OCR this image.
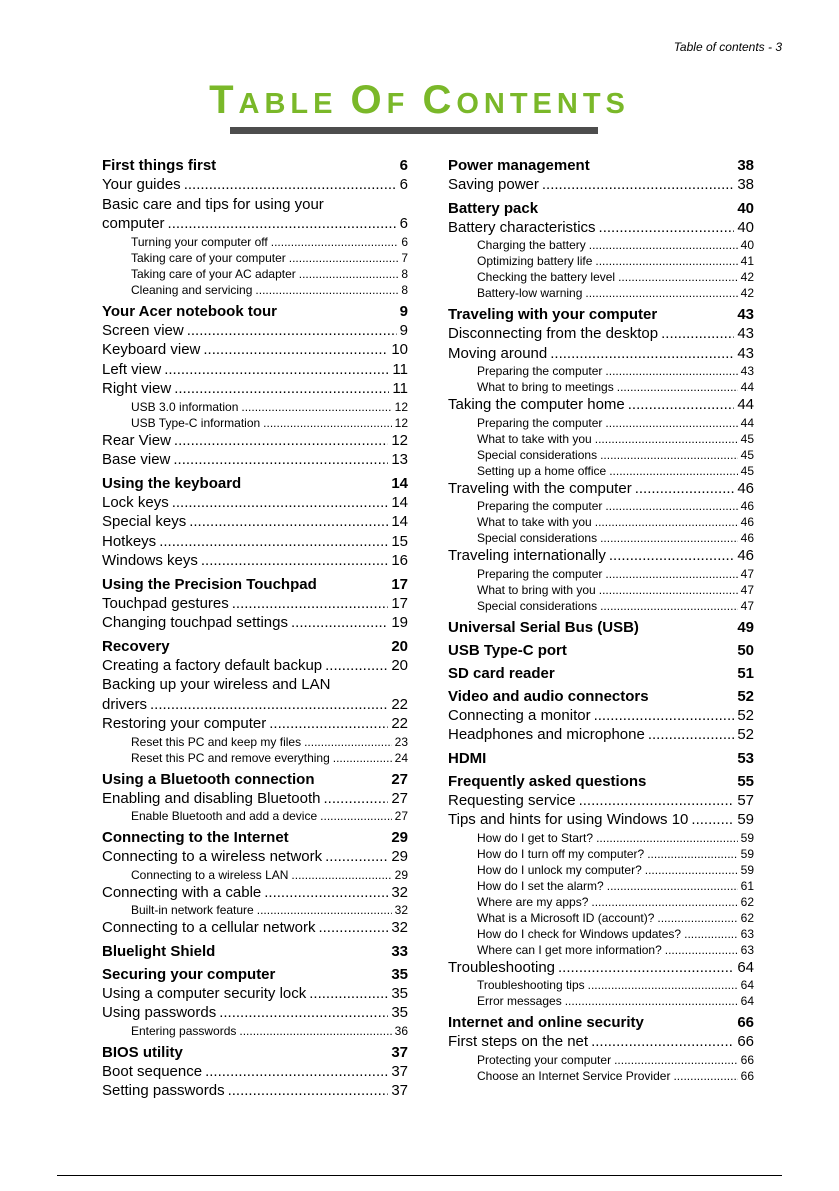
Table of contents - 3
TABLE OF CONTENTS
First things first	6
Your guides .....	6
Basic care and tips for using your
computer .....	6
Turning your computer off .....	6
Taking care of your computer .....	7
Taking care of your AC adapter .....	8
Cleaning and servicing .....	8
Your Acer notebook tour	9
Screen view .....	9
Keyboard view .....	10
Left view .....	11
Right view .....	11
USB 3.0 information .....	12
USB Type-C information .....	12
Rear View .....	12
Base view .....	13
Using the keyboard	14
Lock keys .....	14
Special keys .....	14
Hotkeys .....	15
Windows keys .....	16
Using the Precision Touchpad	17
Touchpad gestures .....	17
Changing touchpad settings .....	19
Recovery	20
Creating a factory default backup .....	20
Backing up your wireless and LAN
drivers .....	22
Restoring your computer .....	22
Reset this PC and keep my files .....	23
Reset this PC and remove everything .....	24
Using a Bluetooth connection	27
Enabling and disabling Bluetooth .....	27
Enable Bluetooth and add a device .....	27
Connecting to the Internet	29
Connecting to a wireless network .....	29
Connecting to a wireless LAN .....	29
Connecting with a cable .....	32
Built-in network feature .....	32
Connecting to a cellular network .....	32
Bluelight Shield	33
Securing your computer	35
Using a computer security lock .....	35
Using passwords .....	35
Entering passwords .....	36
BIOS utility	37
Boot sequence .....	37
Setting passwords .....	37
Power management	38
Saving power .....	38
Battery pack	40
Battery characteristics .....	40
Charging the battery .....	40
Optimizing battery life .....	41
Checking the battery level .....	42
Battery-low warning .....	42
Traveling with your computer	43
Disconnecting from the desktop .....	43
Moving around .....	43
Preparing the computer .....	43
What to bring to meetings .....	44
Taking the computer home .....	44
Preparing the computer .....	44
What to take with you .....	45
Special considerations .....	45
Setting up a home office .....	45
Traveling with the computer .....	46
Preparing the computer .....	46
What to take with you .....	46
Special considerations .....	46
Traveling internationally .....	46
Preparing the computer .....	47
What to bring with you .....	47
Special considerations .....	47
Universal Serial Bus (USB)	49
USB Type-C port	50
SD card reader	51
Video and audio connectors	52
Connecting a monitor .....	52
Headphones and microphone .....	52
HDMI	53
Frequently asked questions	55
Requesting service .....	57
Tips and hints for using Windows 10 .....	59
How do I get to Start? .....	59
How do I turn off my computer? .....	59
How do I unlock my computer? .....	59
How do I set the alarm? .....	61
Where are my apps? .....	62
What is a Microsoft ID (account)? .....	62
How do I check for Windows updates? .....	63
Where can I get more information? .....	63
Troubleshooting .....	64
Troubleshooting tips .....	64
Error messages .....	64
Internet and online security	66
First steps on the net .....	66
Protecting your computer .....	66
Choose an Internet Service Provider .....	66
